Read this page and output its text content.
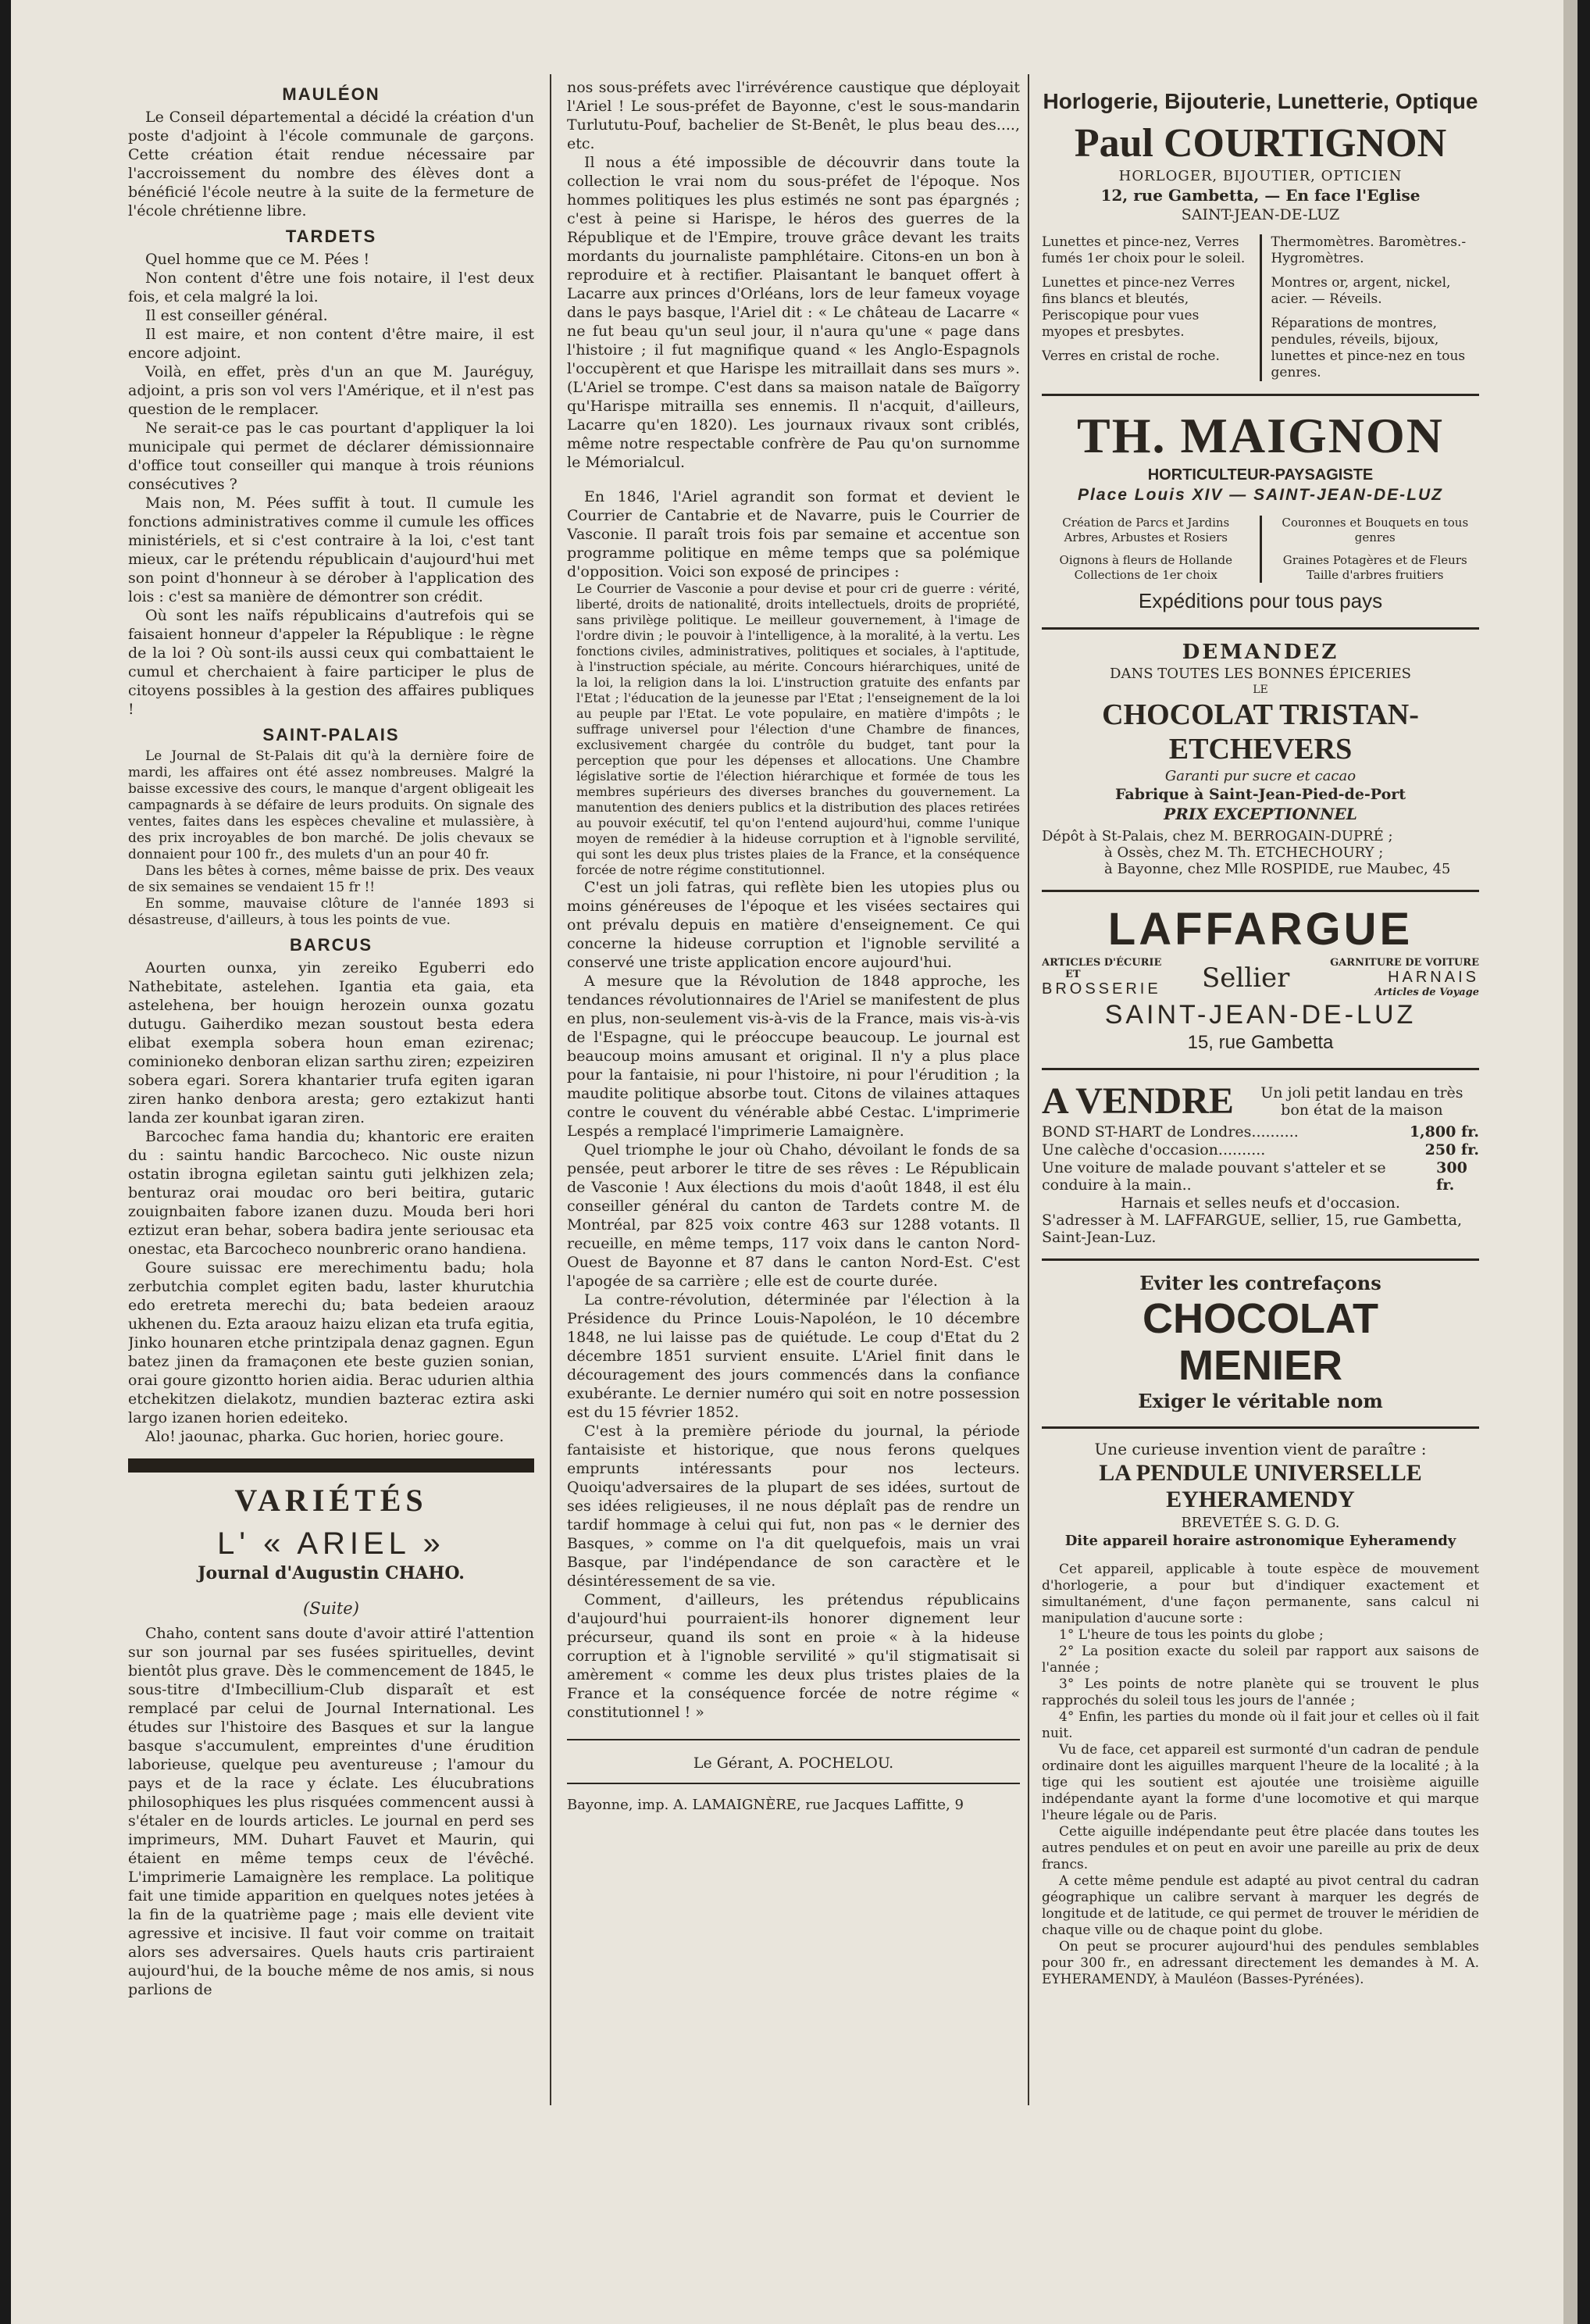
MAULÉON

Le Conseil départemental a décidé la création d'un poste d'adjoint à l'école communale de garçons. Cette création était rendue nécessaire par l'accroissement du nombre des élèves dont a bénéficié l'école neutre à la suite de la fermeture de l'école chrétienne libre.

TARDETS

Quel homme que ce M. Pées !

Non content d'être une fois notaire, il l'est deux fois, et cela malgré la loi.

Il est conseiller général.

Il est maire, et non content d'être maire, il est encore adjoint.

Voilà, en effet, près d'un an que M. Jauréguy, adjoint, a pris son vol vers l'Amérique, et il n'est pas question de le remplacer.

Ne serait-ce pas le cas pourtant d'appliquer la loi municipale qui permet de déclarer démissionnaire d'office tout conseiller qui manque à trois réunions consécutives ?

Mais non, M. Pées suffit à tout. Il cumule les fonctions administratives comme il cumule les offices ministériels, et si c'est contraire à la loi, c'est tant mieux, car le prétendu républicain d'aujourd'hui met son point d'honneur à se dérober à l'application des lois : c'est sa manière de démontrer son crédit.

Où sont les naïfs républicains d'autrefois qui se faisaient honneur d'appeler la République : le règne de la loi ? Où sont-ils aussi ceux qui combattaient le cumul et cherchaient à faire participer le plus de citoyens possibles à la gestion des affaires publiques !

SAINT-PALAIS

Le Journal de St-Palais dit qu'à la dernière foire de mardi, les affaires ont été assez nombreuses. Malgré la baisse excessive des cours, le manque d'argent obligeait les campagnards à se défaire de leurs produits. On signale des ventes, faites dans les espèces chevaline et mulassière, à des prix incroyables de bon marché. De jolis chevaux se donnaient pour 100 fr., des mulets d'un an pour 40 fr.

Dans les bêtes à cornes, même baisse de prix. Des veaux de six semaines se vendaient 15 fr !!

En somme, mauvaise clôture de l'année 1893 si désastreuse, d'ailleurs, à tous les points de vue.

BARCUS

Aourten ounxa, yin zereiko Eguberri edo Nathebitate, astelehen. Igantia eta gaia, eta astelehena, ber houign herozein ounxa gozatu dutugu. Gaiherdiko mezan soustout besta edera elibat exempla sobera houn eman ezirenac; cominioneko denboran elizan sarthu ziren; ezpeiziren sobera egari. Sorera khantarier trufa egiten igaran ziren hanko denbora aresta; gero eztakizut hanti landa zer kounbat igaran ziren.

Barcochec fama handia du; khantoric ere eraiten du : saintu handic Barcocheco. Nic ouste nizun ostatin ibrogna egiletan saintu guti jelkhizen zela; benturaz orai moudac oro beri beitira, gutaric zouignbaiten fabore izanen duzu. Mouda beri hori eztizut eran behar, sobera badira jente seriousac eta onestac, eta Barcocheco nounbreric orano handiena.

Goure suissac ere merechimentu badu; hola zerbutchia complet egiten badu, laster khurutchia edo eretreta merechi du; bata bedeien araouz ukhenen du. Ezta araouz haizu elizan eta trufa egitia, Jinko hounaren etche printzipala denaz gagnen. Egun batez jinen da framaçonen ete beste guzien sonian, orai goure gizontto horien aidia. Berac udurien althia etchekitzen dielakotz, mundien bazterac eztira aski largo izanen horien edeiteko.

Alo! jaounac, pharka. Guc horien, horiec goure.

VARIÉTÉS
L' « ARIEL »
Journal d'Augustin CHAHO.
(Suite)

Chaho, content sans doute d'avoir attiré l'attention sur son journal par ses fusées spirituelles, devint bientôt plus grave. Dès le commencement de 1845, le sous-titre d'Imbecillium-Club disparaît et est remplacé par celui de Journal International. Les études sur l'histoire des Basques et sur la langue basque s'accumulent, empreintes d'une érudition laborieuse, quelque peu aventureuse ; l'amour du pays et de la race y éclate. Les élucubrations philosophiques les plus risquées commencent aussi à s'étaler en de lourds articles. Le journal en perd ses imprimeurs, MM. Duhart Fauvet et Maurin, qui étaient en même temps ceux de l'évêché. L'imprimerie Lamaignère les remplace. La politique fait une timide apparition en quelques notes jetées à la fin de la quatrième page ; mais elle devient vite agressive et incisive. Il faut voir comme on traitait alors ses adversaires. Quels hauts cris partiraient aujourd'hui, de la bouche même de nos amis, si nous parlions de

nos sous-préfets avec l'irrévérence caustique que déployait l'Ariel ! Le sous-préfet de Bayonne, c'est le sous-mandarin Turlututu-Pouf, bachelier de St-Benêt, le plus beau des...., etc.

Il nous a été impossible de découvrir dans toute la collection le vrai nom du sous-préfet de l'époque. Nos hommes politiques les plus estimés ne sont pas épargnés ; c'est à peine si Harispe, le héros des guerres de la République et de l'Empire, trouve grâce devant les traits mordants du journaliste pamphlétaire. Citons-en un bon à reproduire et à rectifier. Plaisantant le banquet offert à Lacarre aux princes d'Orléans, lors de leur fameux voyage dans le pays basque, l'Ariel dit : « Le château de Lacarre « ne fut beau qu'un seul jour, il n'aura qu'une « page dans l'histoire ; il fut magnifique quand « les Anglo-Espagnols l'occupèrent et que Harispe les mitraillait dans ses murs ». (L'Ariel se trompe. C'est dans sa maison natale de Baïgorry qu'Harispe mitrailla ses ennemis. Il n'acquit, d'ailleurs, Lacarre qu'en 1820). Les journaux rivaux sont criblés, même notre respectable confrère de Pau qu'on surnomme le Mémorialcul.

En 1846, l'Ariel agrandit son format et devient le Courrier de Cantabrie et de Navarre, puis le Courrier de Vasconie. Il paraît trois fois par semaine et accentue son programme politique en même temps que sa polémique d'opposition. Voici son exposé de principes :

Le Courrier de Vasconie a pour devise et pour cri de guerre : vérité, liberté, droits de nationalité, droits intellectuels, droits de propriété, sans privilège politique. Le meilleur gouvernement, à l'image de l'ordre divin ; le pouvoir à l'intelligence, à la moralité, à la vertu. Les fonctions civiles, administratives, politiques et sociales, à l'aptitude, à l'instruction spéciale, au mérite. Concours hiérarchiques, unité de la loi, la religion dans la loi. L'instruction gratuite des enfants par l'Etat ; l'éducation de la jeunesse par l'Etat ; l'enseignement de la loi au peuple par l'Etat. Le vote populaire, en matière d'impôts ; le suffrage universel pour l'élection d'une Chambre de finances, exclusivement chargée du contrôle du budget, tant pour la perception que pour les dépenses et allocations. Une Chambre législative sortie de l'élection hiérarchique et formée de tous les membres supérieurs des diverses branches du gouvernement. La manutention des deniers publics et la distribution des places retirées au pouvoir exécutif, tel qu'on l'entend aujourd'hui, comme l'unique moyen de remédier à la hideuse corruption et à l'ignoble servilité, qui sont les deux plus tristes plaies de la France, et la conséquence forcée de notre régime constitutionnel.

C'est un joli fatras, qui reflète bien les utopies plus ou moins généreuses de l'époque et les visées sectaires qui ont prévalu depuis en matière d'enseignement. Ce qui concerne la hideuse corruption et l'ignoble servilité a conservé une triste application encore aujourd'hui.

A mesure que la Révolution de 1848 approche, les tendances révolutionnaires de l'Ariel se manifestent de plus en plus, non-seulement vis-à-vis de la France, mais vis-à-vis de l'Espagne, qui le préoccupe beaucoup. Le journal est beaucoup moins amusant et original. Il n'y a plus place pour la fantaisie, ni pour l'histoire, ni pour l'érudition ; la maudite politique absorbe tout. Citons de vilaines attaques contre le couvent du vénérable abbé Cestac. L'imprimerie Lespés a remplacé l'imprimerie Lamaignère.

Quel triomphe le jour où Chaho, dévoilant le fonds de sa pensée, peut arborer le titre de ses rêves : Le Républicain de Vasconie ! Aux élections du mois d'août 1848, il est élu conseiller général du canton de Tardets contre M. de Montréal, par 825 voix contre 463 sur 1288 votants. Il recueille, en même temps, 117 voix dans le canton Nord-Ouest de Bayonne et 87 dans le canton Nord-Est. C'est l'apogée de sa carrière ; elle est de courte durée.

La contre-révolution, déterminée par l'élection à la Présidence du Prince Louis-Napoléon, le 10 décembre 1848, ne lui laisse pas de quiétude. Le coup d'Etat du 2 décembre 1851 survient ensuite. L'Ariel finit dans le découragement des jours commencés dans la confiance exubérante. Le dernier numéro qui soit en notre possession est du 15 février 1852.

C'est à la première période du journal, la période fantaisiste et historique, que nous ferons quelques emprunts intéressants pour nos lecteurs. Quoiqu'adversaires de la plupart de ses idées, surtout de ses idées religieuses, il ne nous déplaît pas de rendre un tardif hommage à celui qui fut, non pas « le dernier des Basques, » comme on l'a dit quelquefois, mais un vrai Basque, par l'indépendance de son caractère et le désintéressement de sa vie.

Comment, d'ailleurs, les prétendus républicains d'aujourd'hui pourraient-ils honorer dignement leur précurseur, quand ils sont en proie « à la hideuse corruption et à l'ignoble servilité » qu'il stigmatisait si amèrement « comme les deux plus tristes plaies de la France et la conséquence forcée de notre régime « constitutionnel ! »

Le Gérant, A. POCHELOU.
Bayonne, imp. A. LAMAIGNÈRE, rue Jacques Laffitte, 9
Horlogerie, Bijouterie, Lunetterie, Optique
Paul COURTIGNON
HORLOGER, BIJOUTIER, OPTICIEN
12, rue Gambetta, — En face l'Eglise
SAINT-JEAN-DE-LUZ

Lunettes et pince-nez, Verres fumés 1er choix pour le soleil.

Lunettes et pince-nez Verres fins blancs et bleutés, Periscopique pour vues myopes et presbytes.

Verres en cristal de roche.

Thermomètres. Baromètres.-Hygromètres.

Montres or, argent, nickel, acier. — Réveils.

Réparations de montres, pendules, réveils, bijoux, lunettes et pince-nez en tous genres.

TH. MAIGNON
HORTICULTEUR-PAYSAGISTE
Place Louis XIV — SAINT-JEAN-DE-LUZ

Création de Parcs et Jardins Arbres, Arbustes et Rosiers

Oignons à fleurs de Hollande Collections de 1er choix

Couronnes et Bouquets en tous genres

Graines Potagères et de Fleurs Taille d'arbres fruitiers

Expéditions pour tous pays
DEMANDEZ
DANS TOUTES LES BONNES ÉPICERIES
LE
CHOCOLAT TRISTAN-ETCHEVERS
Garanti pur sucre et cacao
Fabrique à Saint-Jean-Pied-de-Port
PRIX EXCEPTIONNEL
Dépôt à St-Palais, chez M. BERROGAIN-DUPRÉ ;
à Ossès, chez M. Th. ETCHECHOURY ;
à Bayonne, chez Mlle ROSPIDE, rue Maubec, 45
LAFFARGUE
ARTICLES D'ÉCURIE
ET
BROSSERIE Sellier	GARNITURE DE VOITURE
HARNAIS
Articles de Voyage
SAINT-JEAN-DE-LUZ
15, rue Gambetta
A VENDRE	Un joli petit landau en très bon état de la maison
BOND ST-HART de Londres..........	1,800 fr.
Une calèche d'occasion..........	250 fr.
Une voiture de malade pouvant s'atteler et se conduire à la main..
300 fr.
Harnais et selles neufs et d'occasion.
S'adresser à M. LAFFARGUE, sellier, 15, rue Gambetta, Saint-Jean-Luz.
Eviter les contrefaçons
CHOCOLAT
MENIER
Exiger le véritable nom
Une curieuse invention vient de paraître :
LA PENDULE UNIVERSELLE EYHERAMENDY
BREVETÉE S. G. D. G.
Dite appareil horaire astronomique Eyheramendy

Cet appareil, applicable à toute espèce de mouvement d'horlogerie, a pour but d'indiquer exactement et simultanément, d'une façon permanente, sans calcul ni manipulation d'aucune sorte :

1° L'heure de tous les points du globe ;

2° La position exacte du soleil par rapport aux saisons de l'année ;

3° Les points de notre planète qui se trouvent le plus rapprochés du soleil tous les jours de l'année ;

4° Enfin, les parties du monde où il fait jour et celles où il fait nuit.

Vu de face, cet appareil est surmonté d'un cadran de pendule ordinaire dont les aiguilles marquent l'heure de la localité ; à la tige qui les soutient est ajoutée une troisième aiguille indépendante ayant la forme d'une locomotive et qui marque l'heure légale ou de Paris.

Cette aiguille indépendante peut être placée dans toutes les autres pendules et on peut en avoir une pareille au prix de deux francs.

A cette même pendule est adapté au pivot central du cadran géographique un calibre servant à marquer les degrés de longitude et de latitude, ce qui permet de trouver le méridien de chaque ville ou de chaque point du globe.

On peut se procurer aujourd'hui des pendules semblables pour 300 fr., en adressant directement les demandes à M. A. EYHERAMENDY, à Mauléon (Basses-Pyrénées).
